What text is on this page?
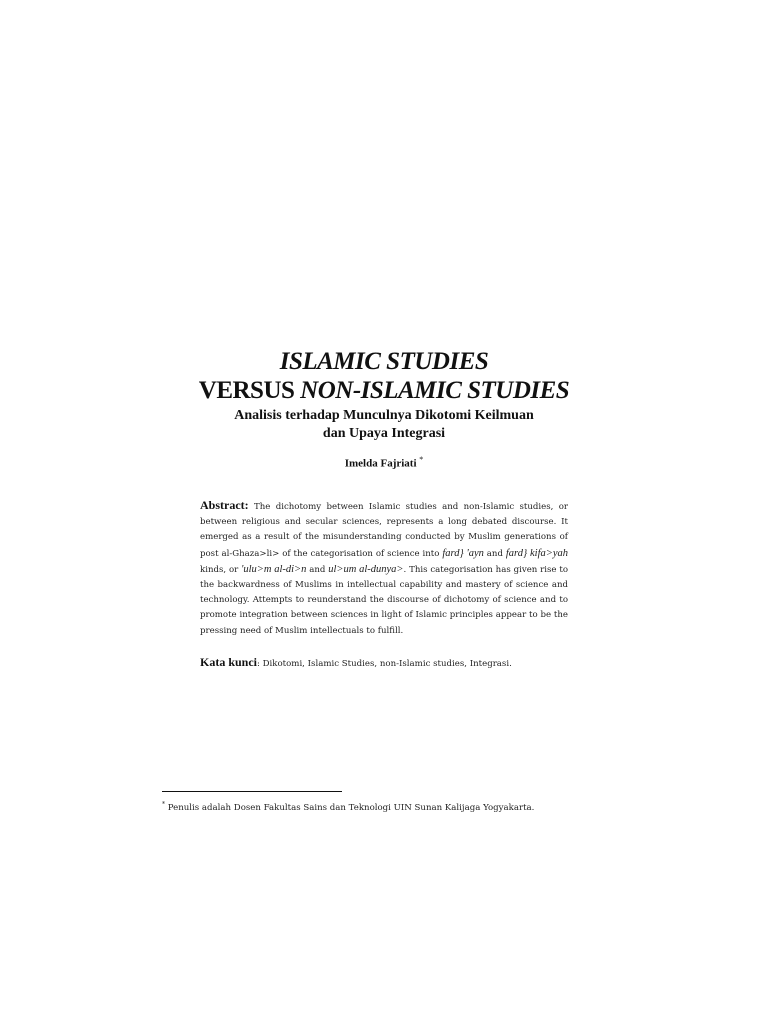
ISLAMIC STUDIES
VERSUS NON-ISLAMIC STUDIES
Analisis terhadap Munculnya Dikotomi Keilmuan
dan Upaya Integrasi
Imelda Fajriati *
Abstract: The dichotomy between Islamic studies and non-Islamic studies, or between religious and secular sciences, represents a long debated discourse. It emerged as a result of the misunderstanding conducted by Muslim generations of post al-Ghaza>li> of the categorisation of science into fard} 'ayn and fard} kifa>yah kinds, or 'ulu>m al-di>n and ul>um al-dunya>. This categorisation has given rise to the backwardness of Muslims in intellectual capability and mastery of science and technology. Attempts to reunderstand the discourse of dichotomy of science and to promote integration between sciences in light of Islamic principles appear to be the pressing need of Muslim intellectuals to fulfill.
Kata kunci: Dikotomi, Islamic Studies, non-Islamic studies, Integrasi.
* Penulis adalah Dosen Fakultas Sains dan Teknologi UIN Sunan Kalijaga Yogyakarta.
